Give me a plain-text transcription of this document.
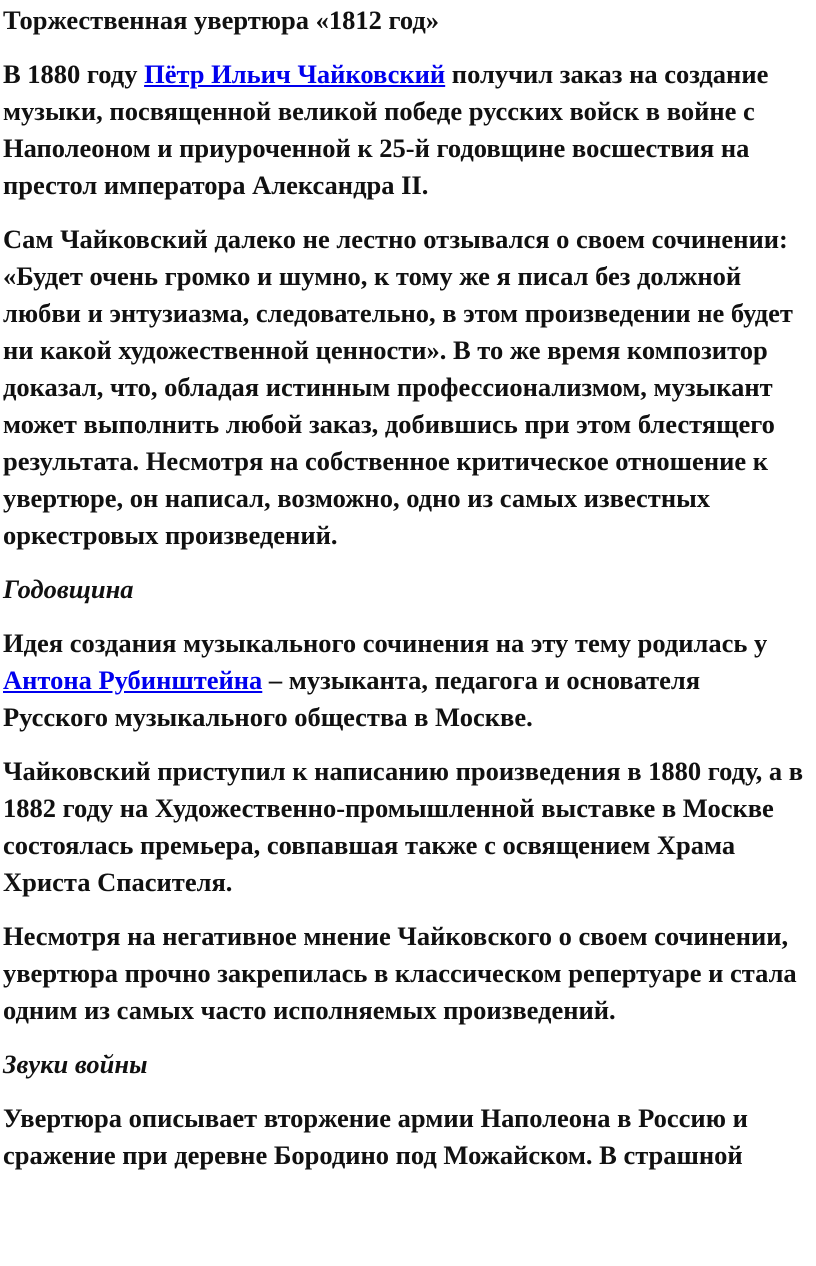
Торжественная увертюра «1812 год»

В 1880 году Пётр Ильич Чайковский получил заказ на создание музыки, посвященной великой победе русских войск в войне с Наполеоном и приуроченной к 25-й годовщине восшествия на престол императора Александра II.

Сам Чайковский далеко не лестно отзывался о своем сочинении: «Будет очень громко и шумно, к тому же я писал без должной любви и энтузиазма, следовательно, в этом произведении не будет ни какой художественной ценности». В то же время композитор доказал, что, обладая истинным профессионализмом, музыкант может выполнить любой заказ, добившись при этом блестящего результата. Несмотря на собственное критическое отношение к увертюре, он написал, возможно, одно из самых известных оркестровых произведений.

Годовщина

Идея создания музыкального сочинения на эту тему родилась у Антона Рубинштейна – музыканта, педагога и основателя Русского музыкального общества в Москве.

Чайковский приступил к написанию произведения в 1880 году, а в 1882 году на Художественно-промышленной выставке в Москве состоялась премьера, совпавшая также с освящением Храма Христа Спасителя.

Несмотря на негативное мнение Чайковского о своем сочинении, увертюра прочно закрепилась в классическом репертуаре и стала одним из самых часто исполняемых произведений.

Звуки войны

Увертюра описывает вторжение армии Наполеона в Россию и сражение при деревне Бородино под Можайском. В страшной
